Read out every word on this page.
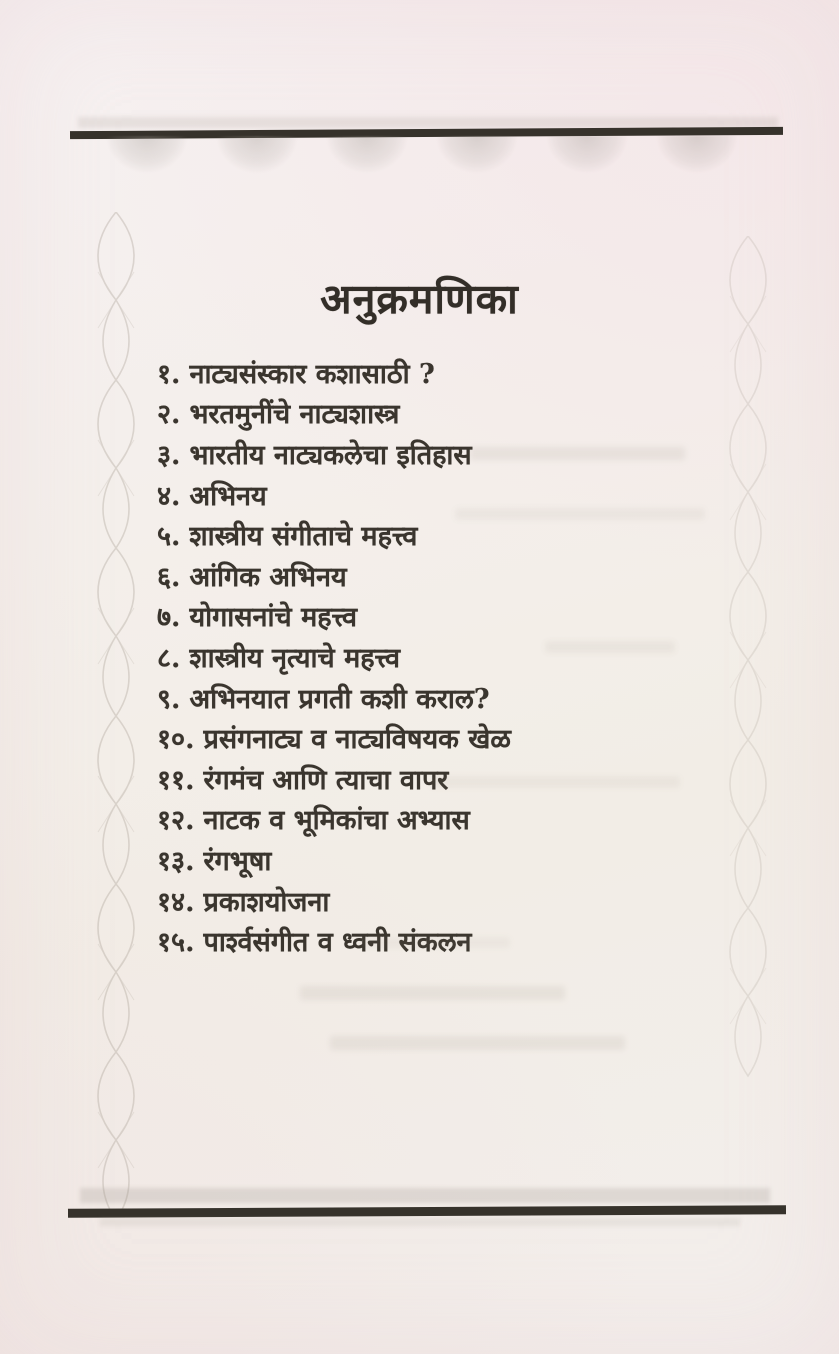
अनुक्रमणिका
१. नाट्यसंस्कार कशासाठी ?
२. भरतमुनींचे नाट्यशास्त्र
३. भारतीय नाट्यकलेचा इतिहास
४. अभिनय
५. शास्त्रीय संगीताचे महत्त्व
६. आंगिक अभिनय
७. योगासनांचे महत्त्व
८. शास्त्रीय नृत्याचे महत्त्व
९. अभिनयात प्रगती कशी कराल?
१०. प्रसंगनाट्य व नाट्यविषयक खेळ
११. रंगमंच आणि त्याचा वापर
१२. नाटक व भूमिकांचा अभ्यास
१३. रंगभूषा
१४. प्रकाशयोजना
१५. पार्श्वसंगीत व ध्वनी संकलन
